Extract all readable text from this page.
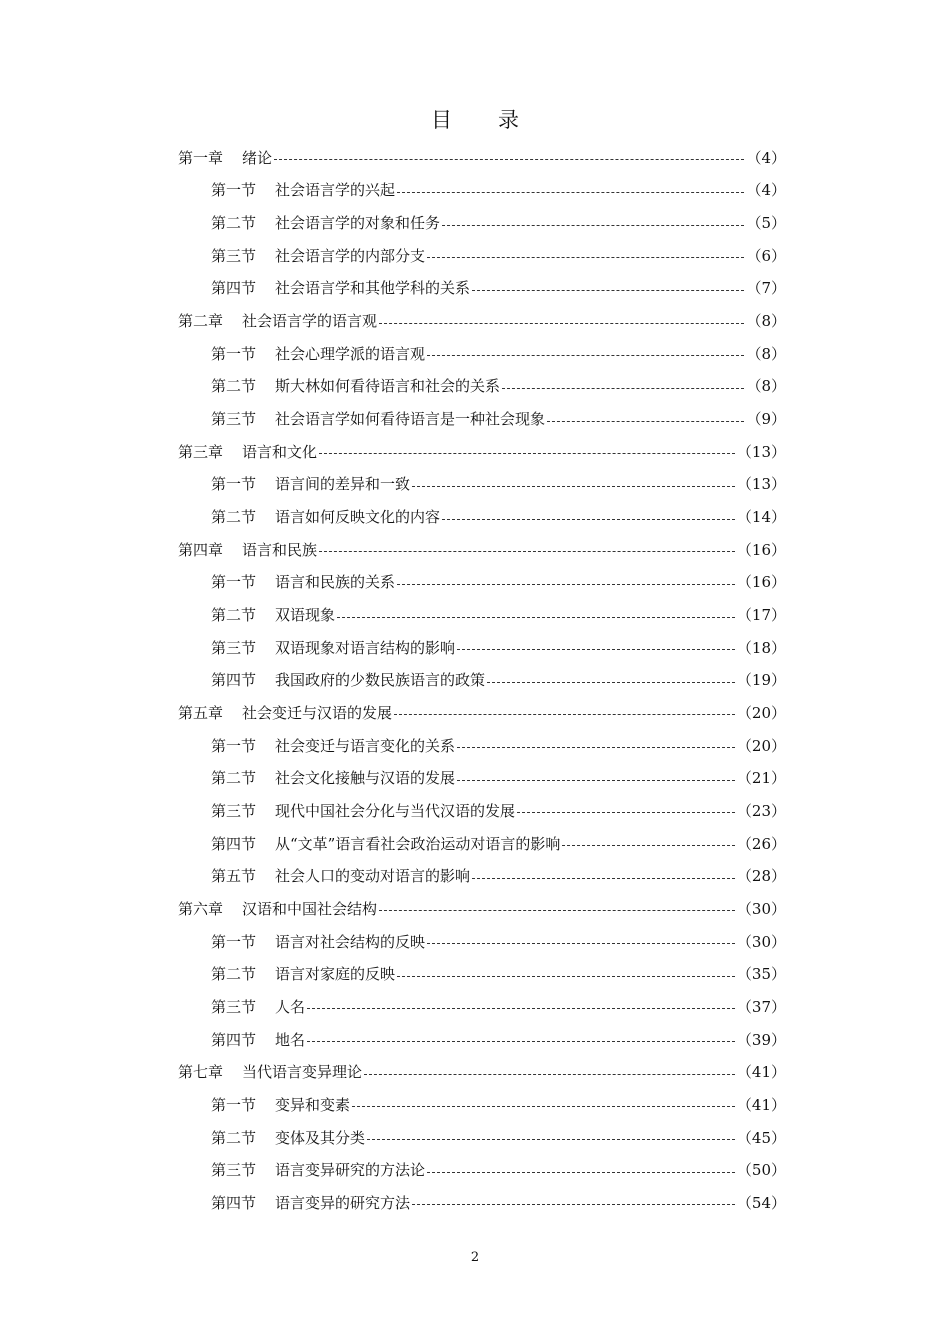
目录
第一章 绪论	（4）
第一节 社会语言学的兴起	（4）
第二节 社会语言学的对象和任务	（5）
第三节 社会语言学的内部分支	（6）
第四节 社会语言学和其他学科的关系	（7）
第二章 社会语言学的语言观	（8）
第一节 社会心理学派的语言观	（8）
第二节 斯大林如何看待语言和社会的关系	（8）
第三节 社会语言学如何看待语言是一种社会现象	（9）
第三章 语言和文化	（13）
第一节 语言间的差异和一致	（13）
第二节 语言如何反映文化的内容	（14）
第四章 语言和民族	（16）
第一节 语言和民族的关系	（16）
第二节 双语现象	（17）
第三节 双语现象对语言结构的影响	（18）
第四节 我国政府的少数民族语言的政策	（19）
第五章 社会变迁与汉语的发展	（20）
第一节 社会变迁与语言变化的关系	（20）
第二节 社会文化接触与汉语的发展	（21）
第三节 现代中国社会分化与当代汉语的发展	（23）
第四节 从“文革”语言看社会政治运动对语言的影响	（26）
第五节 社会人口的变动对语言的影响	（28）
第六章 汉语和中国社会结构	（30）
第一节 语言对社会结构的反映	（30）
第二节 语言对家庭的反映	（35）
第三节 人名	（37）
第四节 地名	（39）
第七章 当代语言变异理论	（41）
第一节 变异和变素	（41）
第二节 变体及其分类	（45）
第三节 语言变异研究的方法论	（50）
第四节 语言变异的研究方法	（54）
2
